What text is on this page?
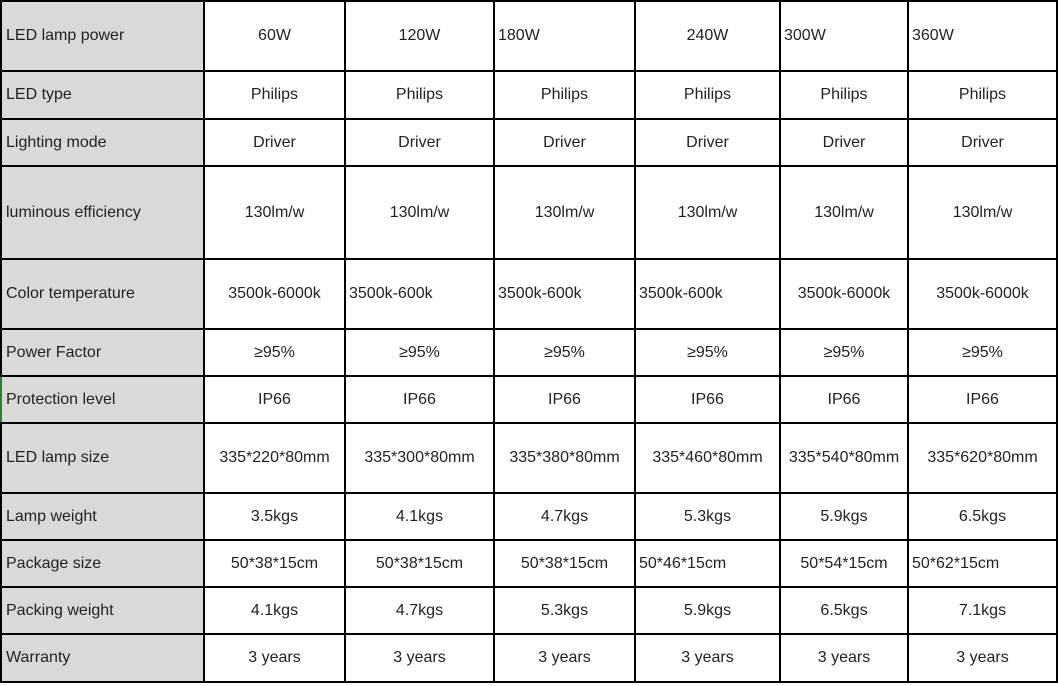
LED lamp power	60W	120W	180W	240W	300W	360W
LED type	Philips	Philips	Philips	Philips	Philips	Philips
Lighting mode	Driver	Driver	Driver	Driver	Driver	Driver
luminous efficiency	130lm/w	130lm/w	130lm/w	130lm/w	130lm/w	130lm/w
Color temperature	3500k-6000k	3500k-600k	3500k-600k	3500k-600k	3500k-6000k	3500k-6000k
Power Factor	≥95%	≥95%	≥95%	≥95%	≥95%	≥95%
Protection level	IP66	IP66	IP66	IP66	IP66	IP66
LED lamp size	335*220*80mm	335*300*80mm	335*380*80mm	335*460*80mm	335*540*80mm	335*620*80mm
Lamp weight	3.5kgs	4.1kgs	4.7kgs	5.3kgs	5.9kgs	6.5kgs
Package size	50*38*15cm	50*38*15cm	50*38*15cm	50*46*15cm	50*54*15cm	50*62*15cm
Packing weight	4.1kgs	4.7kgs	5.3kgs	5.9kgs	6.5kgs	7.1kgs
Warranty	3 years	3 years	3 years	3 years	3 years	3 years
